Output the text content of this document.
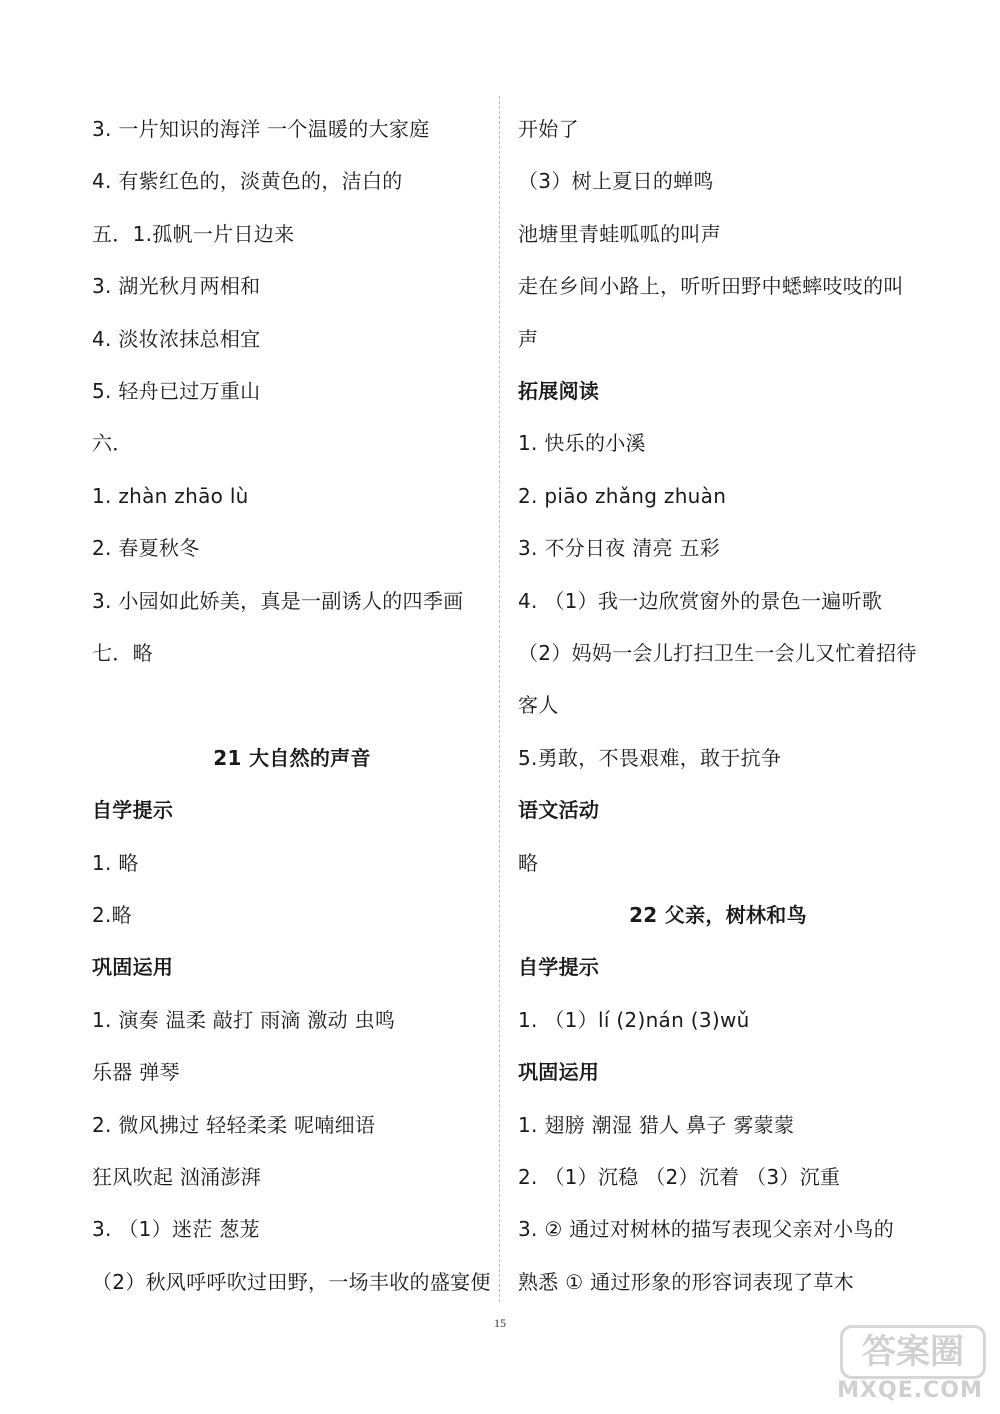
3. 一片知识的海洋 一个温暖的大家庭
4. 有紫红色的，淡黄色的，洁白的
五．1.孤帆一片日边来
3. 湖光秋月两相和
4. 淡妆浓抹总相宜
5. 轻舟已过万重山
六．
1. zhàn zhāo lù
2. 春夏秋冬
3. 小园如此娇美，真是一副诱人的四季画
七．略
21 大自然的声音
自学提示
1. 略
2.略
巩固运用
1. 演奏 温柔 敲打 雨滴 激动 虫鸣
乐器 弹琴
2. 微风拂过 轻轻柔柔 呢喃细语
狂风吹起 汹涌澎湃
3. （1）迷茫 葱茏
（2）秋风呼呼吹过田野，一场丰收的盛宴便
开始了
（3）树上夏日的蝉鸣
池塘里青蛙呱呱的叫声
走在乡间小路上，听听田野中蟋蟀吱吱的叫
声
拓展阅读
1. 快乐的小溪
2. piāo zhǎng zhuàn
3. 不分日夜 清亮 五彩
4. （1）我一边欣赏窗外的景色一遍听歌
（2）妈妈一会儿打扫卫生一会儿又忙着招待
客人
5.勇敢，不畏艰难，敢于抗争
语文活动
略
22 父亲，树林和鸟
自学提示
1. （1）lí (2)nán (3)wǔ
巩固运用
1. 翅膀 潮湿 猎人 鼻子 雾蒙蒙
2. （1）沉稳 （2）沉着 （3）沉重
3. ② 通过对树林的描写表现父亲对小鸟的
熟悉 ① 通过形象的形容词表现了草木
15
答案圈
MXQE.COM
